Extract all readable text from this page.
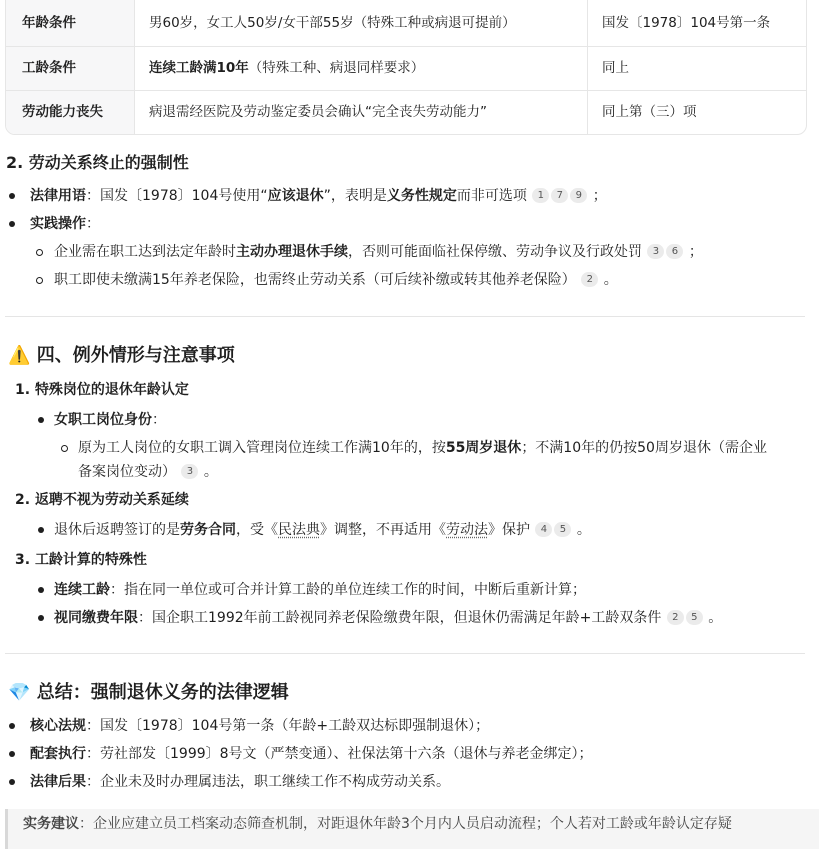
年龄条件	男60岁，女工人50岁/女干部55岁（特殊工种或病退可提前）	国发〔1978〕104号第一条
工龄条件	连续工龄满10年（特殊工种、病退同样要求）	同上
劳动能力丧失	病退需经医院及劳动鉴定委员会确认“完全丧失劳动能力”	同上第（三）项
2. 劳动关系终止的强制性
法律用语：国发〔1978〕104号使用“应该退休”，表明是义务性规定而非可选项 1 7 9 ；
实践操作：
企业需在职工达到法定年龄时主动办理退休手续，否则可能面临社保停缴、劳动争议及行政处罚 3 6 ；
职工即使未缴满15年养老保险，也需终止劳动关系（可后续补缴或转其他养老保险） 2 。
⚠️ 四、例外情形与注意事项
1. 特殊岗位的退休年龄认定
女职工岗位身份：
原为工人岗位的女职工调入管理岗位连续工作满10年的，按55周岁退休；不满10年的仍按50周岁退休（需企业
备案岗位变动） 3 。
2. 返聘不视为劳动关系延续
退休后返聘签订的是劳务合同，受《民法典》调整，不再适用《劳动法》保护 4 5 。
3. 工龄计算的特殊性
连续工龄：指在同一单位或可合并计算工龄的单位连续工作的时间，中断后重新计算；
视同缴费年限：国企职工1992年前工龄视同养老保险缴费年限，但退休仍需满足年龄+工龄双条件 2 5 。
💎 总结：强制退休义务的法律逻辑
核心法规：国发〔1978〕104号第一条（年龄+工龄双达标即强制退休）；
配套执行：劳社部发〔1999〕8号文（严禁变通）、社保法第十六条（退休与养老金绑定）；
法律后果：企业未及时办理属违法，职工继续工作不构成劳动关系。
实务建议：企业应建立员工档案动态筛查机制，对距退休年龄3个月内人员启动流程；个人若对工龄或年龄认定存疑
